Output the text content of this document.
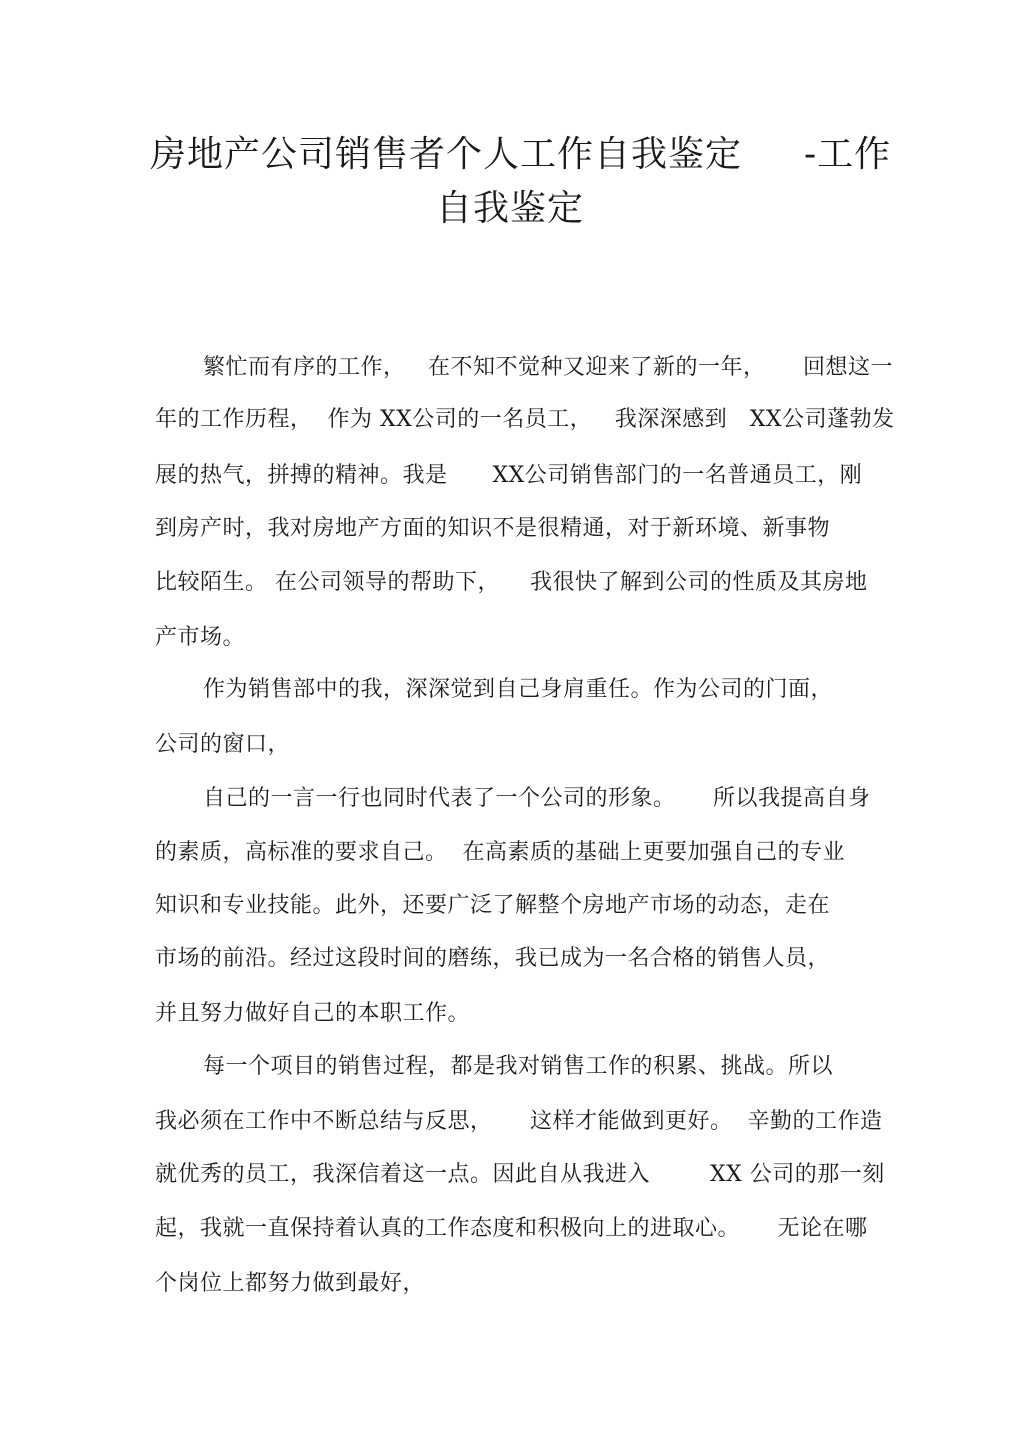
房地产公司销售者个人工作自我鉴定 -工作
自我鉴定
繁忙而有序的工作，   在不知不觉种又迎来了新的一年，     回想这一
年的工作历程，  作为 XX公司的一名员工，   我深深感到   XX公司蓬勃发
展的热气，拼搏的精神。我是      XX公司销售部门的一名普通员工，刚
到房产时，我对房地产方面的知识不是很精通，对于新环境、新事物
比较陌生。 在公司领导的帮助下，    我很快了解到公司的性质及其房地
产市场。
作为销售部中的我，深深觉到自己身肩重任。作为公司的门面，
公司的窗口，
自己的一言一行也同时代表了一个公司的形象。     所以我提高自身
的素质，高标准的要求自己。  在高素质的基础上更要加强自己的专业
知识和专业技能。此外，还要广泛了解整个房地产市场的动态，走在
市场的前沿。经过这段时间的磨练，我已成为一名合格的销售人员，
并且努力做好自己的本职工作。
每一个项目的销售过程，都是我对销售工作的积累、挑战。所以
我必须在工作中不断总结与反思，     这样才能做到更好。  辛勤的工作造
就优秀的员工，我深信着这一点。因此自从我进入        XX 公司的那一刻
起，我就一直保持着认真的工作态度和积极向上的进取心。     无论在哪
个岗位上都努力做到最好，
